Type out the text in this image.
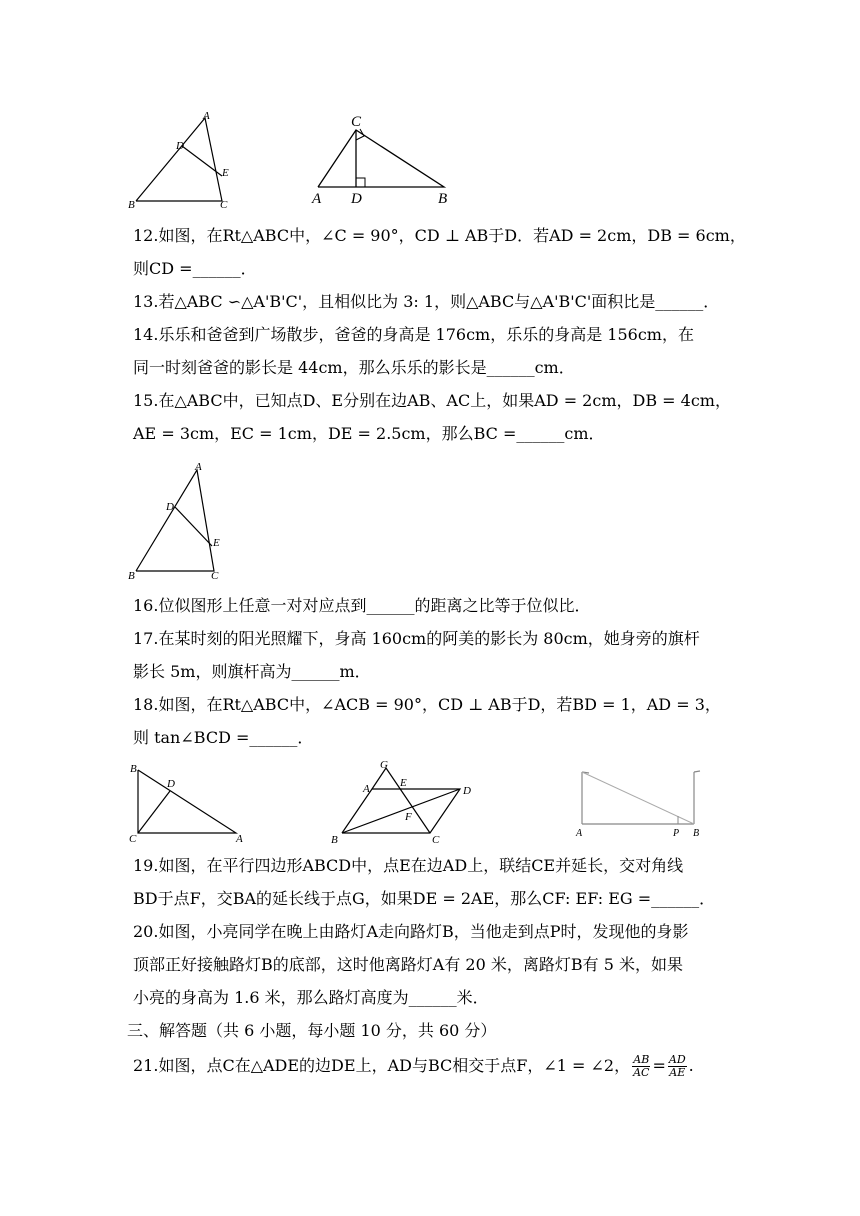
A
D
E
B	C
C
A D	B
12.如图，在Rt△ABC中，∠C = 90°，CD ⊥ AB于D．若AD = 2cm，DB = 6cm，
则CD =______．
13.若△ABC ∽△A'B'C'，且相似比为 3: 1，则△ABC与△A'B'C'面积比是______．
14.乐乐和爸爸到广场散步，爸爸的身高是 176cm，乐乐的身高是 156cm，在
同一时刻爸爸的影长是 44cm，那么乐乐的影长是______cm．
15.在△ABC中，已知点D、E分别在边AB、AC上，如果AD = 2cm，DB = 4cm，
AE = 3cm，EC = 1cm，DE = 2.5cm，那么BC =______cm．
A
D
E
B	C
16.位似图形上任意一对对应点到______的距离之比等于位似比．
17.在某时刻的阳光照耀下，身高 160cm的阿美的影长为 80cm，她身旁的旗杆
影长 5m，则旗杆高为______m．
18.如图，在Rt△ABC中，∠ACB = 90°，CD ⊥ AB于D，若BD = 1，AD = 3，
则 tan∠BCD =______．
B
D
C	A
G
A	E
D
F
B	C
A	P B
19.如图，在平行四边形ABCD中，点E在边AD上，联结CE并延长，交对角线
BD于点F，交BA的延长线于点G，如果DE = 2AE，那么CF: EF: EG =______．
20.如图，小亮同学在晚上由路灯A走向路灯B，当他走到点P时，发现他的身影
顶部正好接触路灯B的底部，这时他离路灯A有 20 米，离路灯B有 5 米，如果
小亮的身高为 1.6 米，那么路灯高度为______米．
三、解答题（共 6 小题，每小题 10 分，共 60 分）
21.如图，点C在△ADE的边DE上，AD与BC相交于点F，∠1 = ∠2， $\frac{AB}{AC} = \frac{AD}{AE}$ .
